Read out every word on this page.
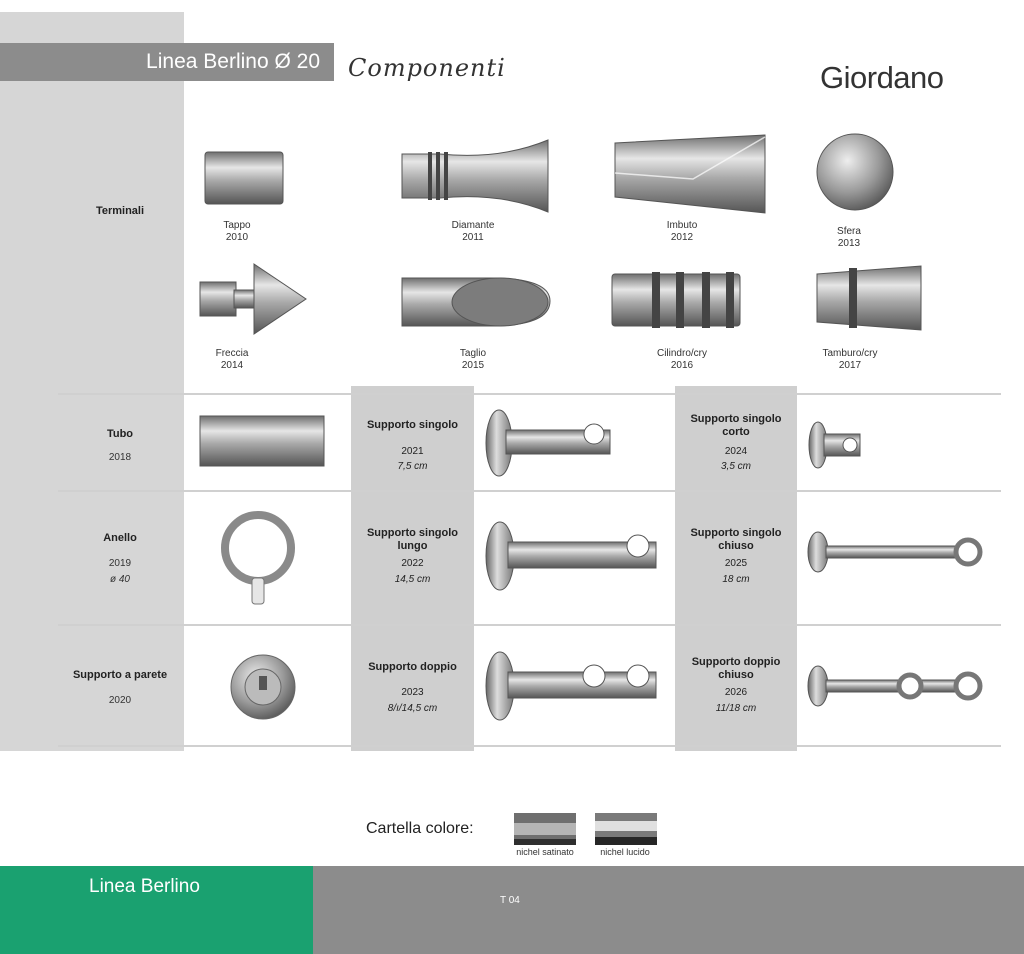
Linea Berlino Ø 20	Componenti	Giordano
Terminali
Tappo
2010
Diamante
2011
Imbuto
2012
Sfera
2013
Freccia
2014
Taglio
2015
Cilindro/cry
2016
Tamburo/cry
2017
Tubo
2018
Supporto singolo
2021
7,5 cm
Supporto singolo corto
2024
3,5 cm
Anello
2019
ø 40
Supporto singolo lungo
2022
14,5 cm
Supporto singolo chiuso
2025
18 cm
Supporto a parete
2020
Supporto doppio
2023
8/ı/14,5 cm
Supporto doppio chiuso
2026
11/18 cm
Cartella colore:
nichel satinato	nichel lucido
Linea Berlino
T 04
